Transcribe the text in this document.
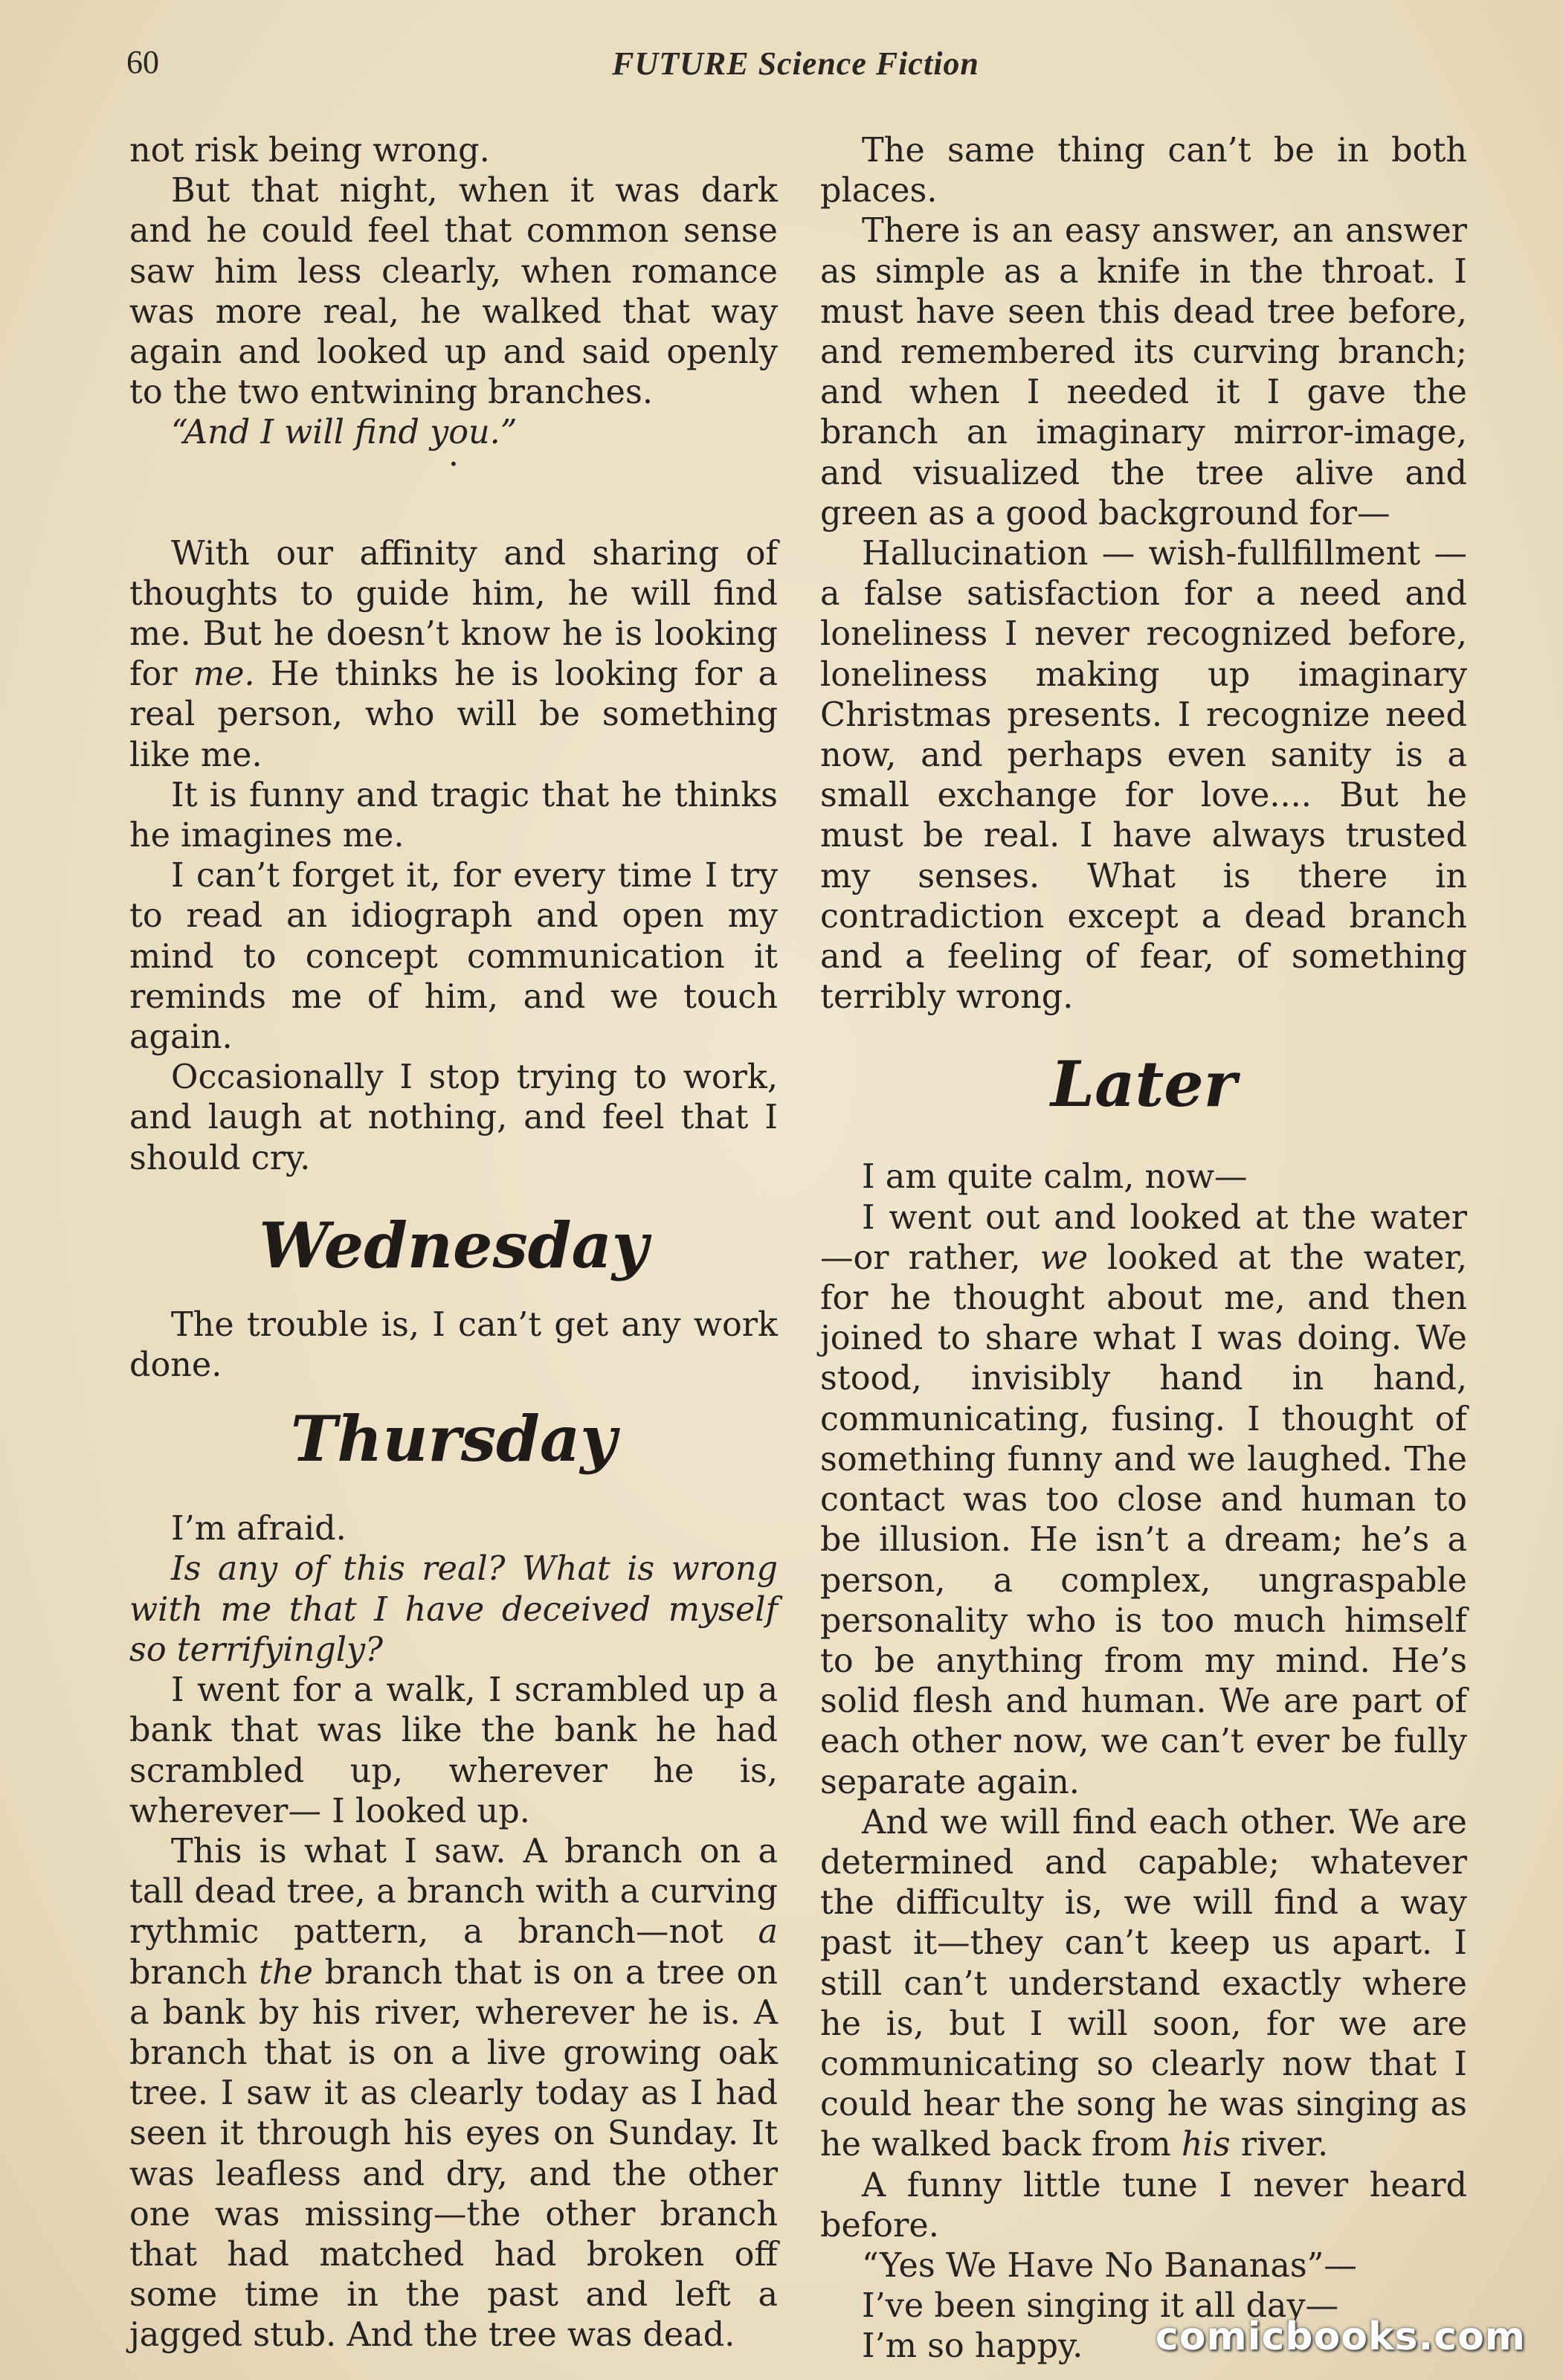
60	FUTURE Science Fiction

not risk being wrong.

But that night, when it was dark and he could feel that common sense saw him less clearly, when romance was more real, he walked that way again and looked up and said openly to the two entwining branches.

“And I will find you.”

·

With our affinity and sharing of thoughts to guide him, he will find me. But he doesn’t know he is looking for me. He thinks he is looking for a real person, who will be something like me.

It is funny and tragic that he thinks he imagines me.

I can’t forget it, for every time I try to read an idiograph and open my mind to concept communication it reminds me of him, and we touch again.

Occasionally I stop trying to work, and laugh at nothing, and feel that I should cry.

Wednesday

The trouble is, I can’t get any work done.

Thursday

I’m afraid.

Is any of this real? What is wrong with me that I have deceived myself so terrifyingly?

I went for a walk, I scrambled up a bank that was like the bank he had scrambled up, wherever he is, wherever— I looked up.

This is what I saw. A branch on a tall dead tree, a branch with a curving rythmic pattern, a branch—not a branch the branch that is on a tree on a bank by his river, wherever he is. A branch that is on a live growing oak tree. I saw it as clearly today as I had seen it through his eyes on Sunday. It was leafless and dry, and the other one was missing—the other branch that had matched had broken off some time in the past and left a jagged stub. And the tree was dead.

The same thing can’t be in both places.

There is an easy answer, an answer as simple as a knife in the throat. I must have seen this dead tree before, and remembered its curving branch; and when I needed it I gave the branch an imaginary mirror-image, and visualized the tree alive and green as a good background for—

Hallucination — wish-fullfillment — a false satisfaction for a need and loneliness I never recognized before, loneliness making up imaginary Christmas presents. I recognize need now, and perhaps even sanity is a small exchange for love.... But he must be real. I have always trusted my senses. What is there in contradiction except a dead branch and a feeling of fear, of something terribly wrong.

Later

I am quite calm, now—

I went out and looked at the water—or rather, we looked at the water, for he thought about me, and then joined to share what I was doing. We stood, invisibly hand in hand, communicating, fusing. I thought of something funny and we laughed. The contact was too close and human to be illusion. He isn’t a dream; he’s a person, a complex, ungraspable personality who is too much himself to be anything from my mind. He’s solid flesh and human. We are part of each other now, we can’t ever be fully separate again.

And we will find each other. We are determined and capable; whatever the difficulty is, we will find a way past it—they can’t keep us apart. I still can’t understand exactly where he is, but I will soon, for we are communicating so clearly now that I could hear the song he was singing as he walked back from his river.

A funny little tune I never heard before.

“Yes We Have No Bananas”—

I’ve been singing it all day—

I’m so happy.	comicbooks.com
